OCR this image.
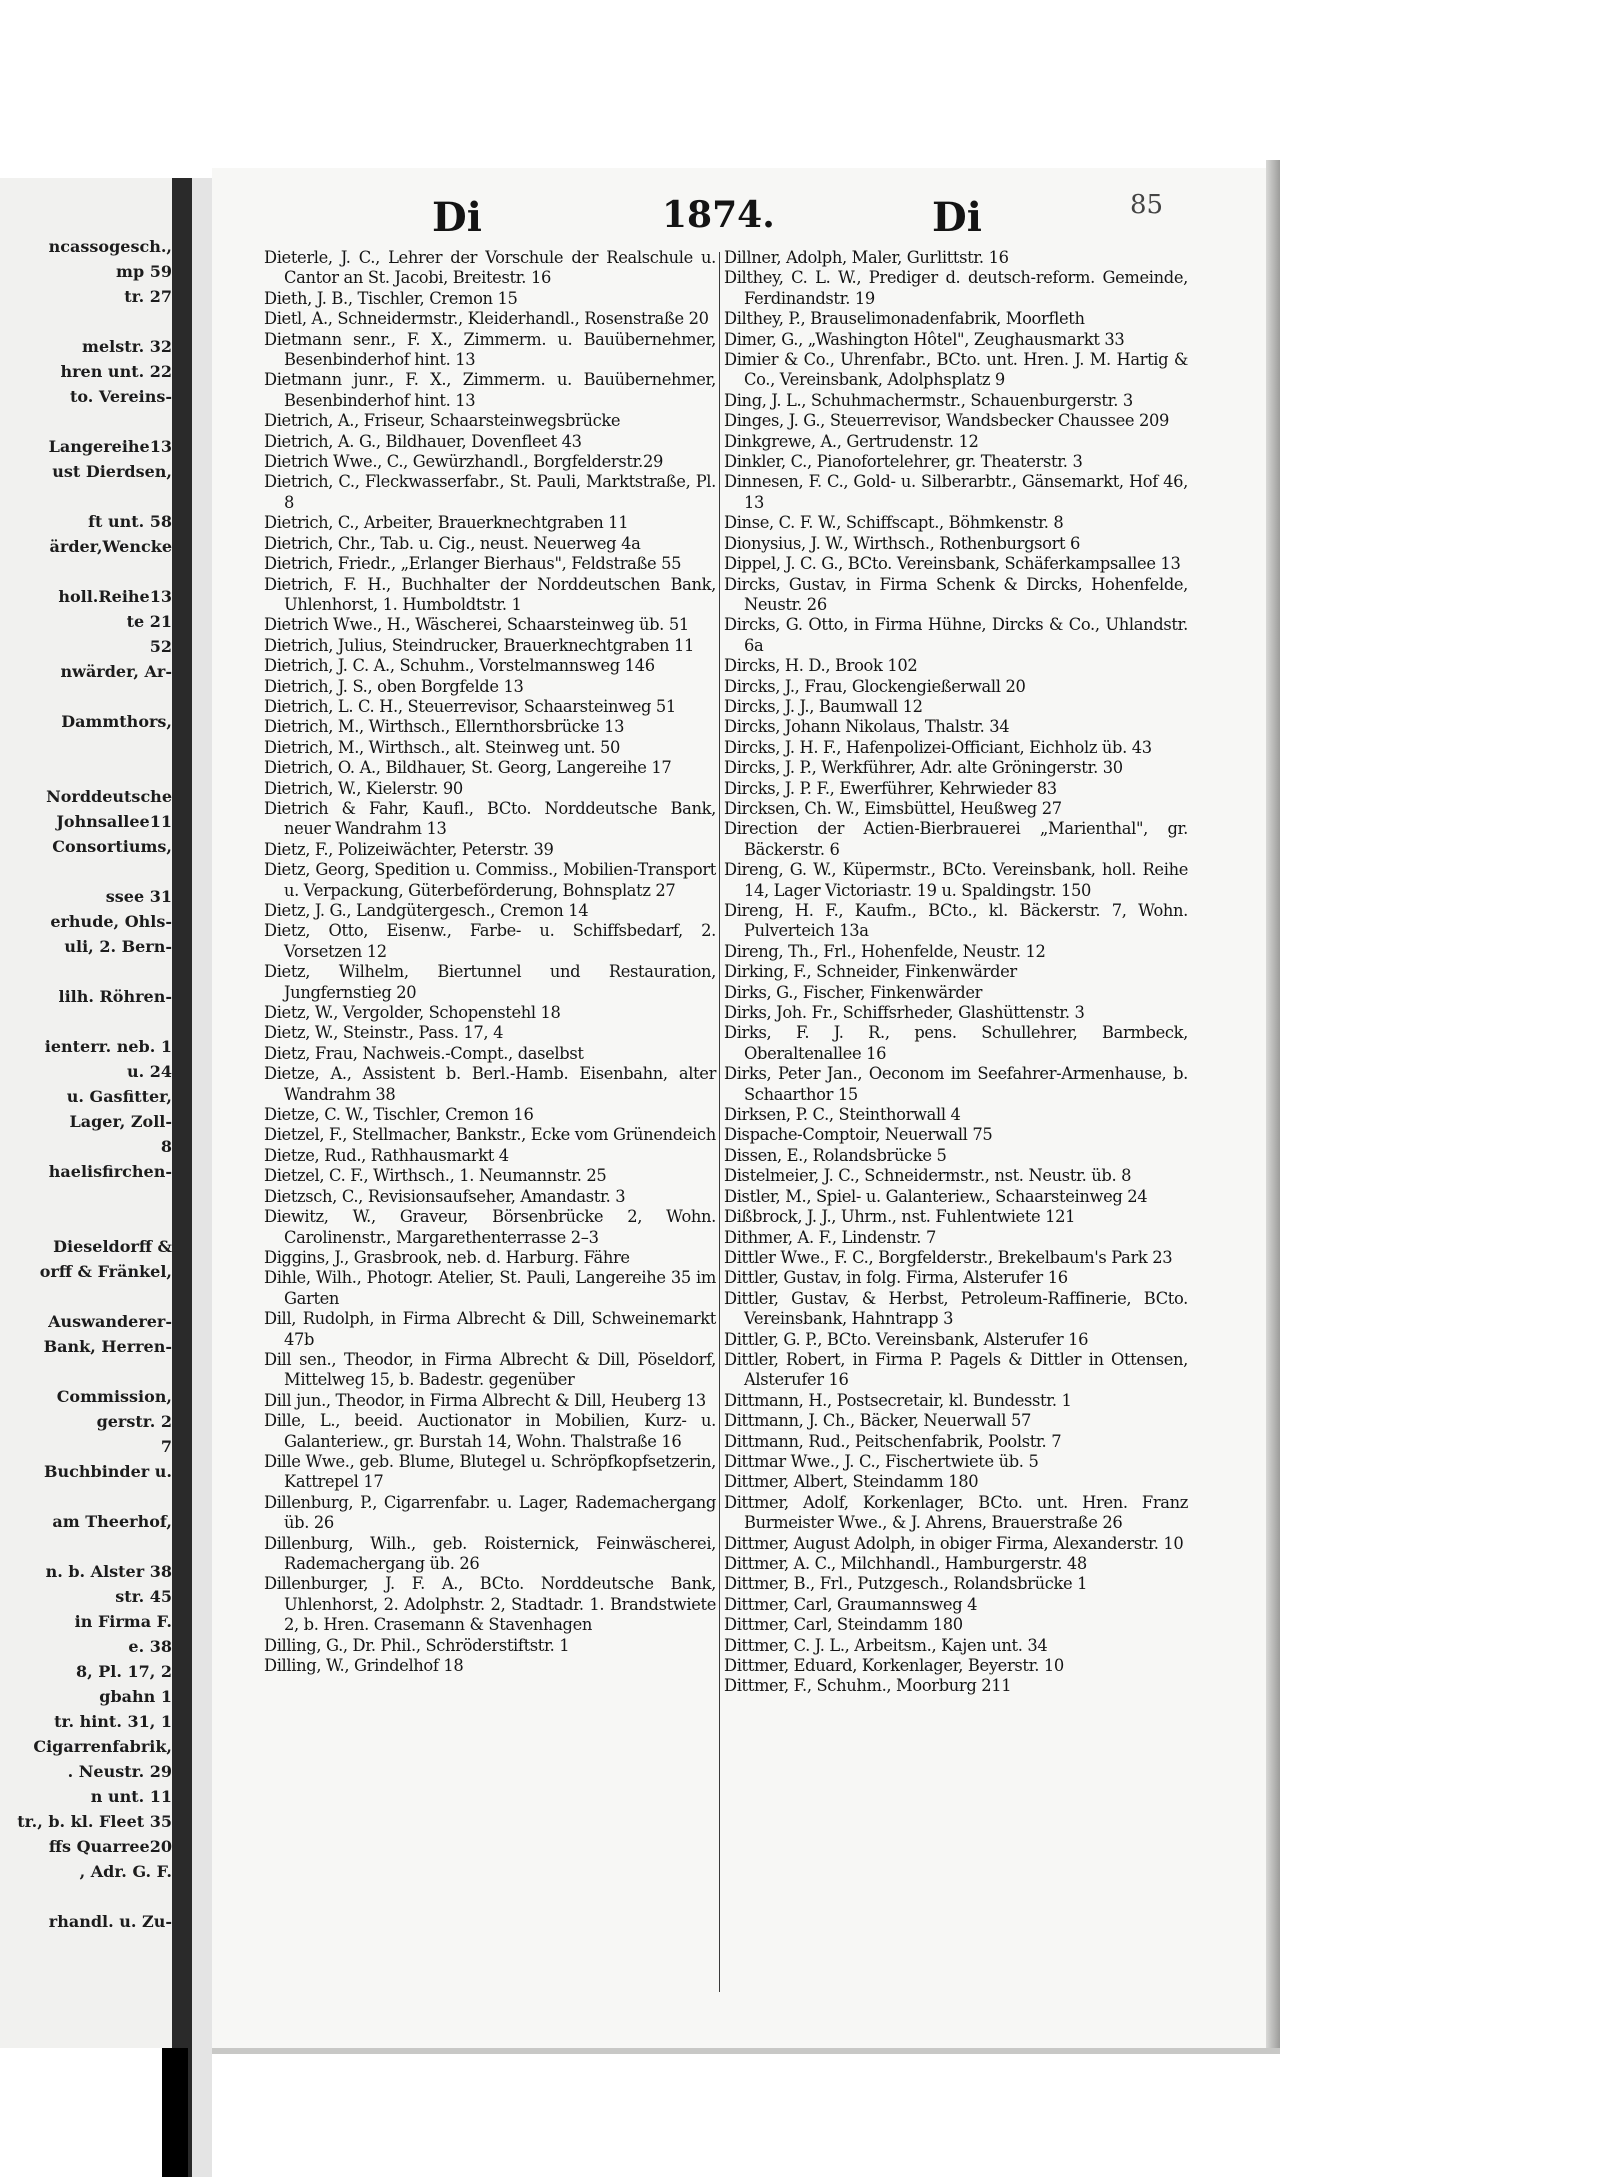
ncassogesch.,
mp 59
tr. 27
melstr. 32
hren unt. 22
to. Vereins-
Langereihe13
ust Dierdsen,
ft unt. 58
ärder,Wencke
holl.Reihe13
te 21
52
nwärder, Ar-
Dammthors,
Norddeutsche
Johnsallee11
Consortiums,
ssee 31
erhude, Ohls-
uli, 2. Bern-
lilh. Röhren-
ienterr. neb. 1
u. 24
u. Gasfitter,
Lager, Zoll-
8
haelisfirchen-
Dieseldorff &
orff & Fränkel,
Auswanderer-
Bank, Herren-
Commission,
gerstr. 2
7
Buchbinder u.
am Theerhof,
n. b. Alster 38
str. 45
in Firma F.
e. 38
8, Pl. 17, 2
gbahn 1
tr. hint. 31, 1
Cigarrenfabrik,
. Neustr. 29
n unt. 11
tr., b. kl. Fleet 35
ffs Quarree20
, Adr. G. F.
rhandl. u. Zu-
Di	1874.	Di	85
Dieterle, J. C., Lehrer der Vorschule der Realschule u. Cantor an St. Jacobi, Breitestr. 16
Dieth, J. B., Tischler, Cremon 15
Dietl, A., Schneidermstr., Kleiderhandl., Rosenstraße 20
Dietmann senr., F. X., Zimmerm. u. Bauübernehmer, Besenbinderhof hint. 13
Dietmann junr., F. X., Zimmerm. u. Bauübernehmer, Besenbinderhof hint. 13
Dietrich, A., Friseur, Schaarsteinwegsbrücke
Dietrich, A. G., Bildhauer, Dovenfleet 43
Dietrich Wwe., C., Gewürzhandl., Borgfelderstr.29
Dietrich, C., Fleckwasserfabr., St. Pauli, Marktstraße, Pl. 8
Dietrich, C., Arbeiter, Brauerknechtgraben 11
Dietrich, Chr., Tab. u. Cig., neust. Neuerweg 4a
Dietrich, Friedr., „Erlanger Bierhaus", Feldstraße 55
Dietrich, F. H., Buchhalter der Norddeutschen Bank, Uhlenhorst, 1. Humboldtstr. 1
Dietrich Wwe., H., Wäscherei, Schaarsteinweg üb. 51
Dietrich, Julius, Steindrucker, Brauerknechtgraben 11
Dietrich, J. C. A., Schuhm., Vorstelmannsweg 146
Dietrich, J. S., oben Borgfelde 13
Dietrich, L. C. H., Steuerrevisor, Schaarsteinweg 51
Dietrich, M., Wirthsch., Ellernthorsbrücke 13
Dietrich, M., Wirthsch., alt. Steinweg unt. 50
Dietrich, O. A., Bildhauer, St. Georg, Langereihe 17
Dietrich, W., Kielerstr. 90
Dietrich & Fahr, Kaufl., BCto. Norddeutsche Bank, neuer Wandrahm 13
Dietz, F., Polizeiwächter, Peterstr. 39
Dietz, Georg, Spedition u. Commiss., Mobilien-Transport u. Verpackung, Güterbeförderung, Bohnsplatz 27
Dietz, J. G., Landgütergesch., Cremon 14
Dietz, Otto, Eisenw., Farbe- u. Schiffsbedarf, 2. Vorsetzen 12
Dietz, Wilhelm, Biertunnel und Restauration, Jungfernstieg 20
Dietz, W., Vergolder, Schopenstehl 18
Dietz, W., Steinstr., Pass. 17, 4
Dietz, Frau, Nachweis.-Compt., daselbst
Dietze, A., Assistent b. Berl.-Hamb. Eisenbahn, alter Wandrahm 38
Dietze, C. W., Tischler, Cremon 16
Dietzel, F., Stellmacher, Bankstr., Ecke vom Grünendeich
Dietze, Rud., Rathhausmarkt 4
Dietzel, C. F., Wirthsch., 1. Neumannstr. 25
Dietzsch, C., Revisionsaufseher, Amandastr. 3
Diewitz, W., Graveur, Börsenbrücke 2, Wohn. Carolinenstr., Margarethenterrasse 2–3
Diggins, J., Grasbrook, neb. d. Harburg. Fähre
Dihle, Wilh., Photogr. Atelier, St. Pauli, Langereihe 35 im Garten
Dill, Rudolph, in Firma Albrecht & Dill, Schweinemarkt 47b
Dill sen., Theodor, in Firma Albrecht & Dill, Pöseldorf, Mittelweg 15, b. Badestr. gegenüber
Dill jun., Theodor, in Firma Albrecht & Dill, Heuberg 13
Dille, L., beeid. Auctionator in Mobilien, Kurz- u. Galanteriew., gr. Burstah 14, Wohn. Thalstraße 16
Dille Wwe., geb. Blume, Blutegel u. Schröpfkopfsetzerin, Kattrepel 17
Dillenburg, P., Cigarrenfabr. u. Lager, Rademachergang üb. 26
Dillenburg, Wilh., geb. Roisternick, Feinwäscherei, Rademachergang üb. 26
Dillenburger, J. F. A., BCto. Norddeutsche Bank, Uhlenhorst, 2. Adolphstr. 2, Stadtadr. 1. Brandstwiete 2, b. Hren. Crasemann & Stavenhagen
Dilling, G., Dr. Phil., Schröderstiftstr. 1
Dilling, W., Grindelhof 18
Dillner, Adolph, Maler, Gurlittstr. 16
Dilthey, C. L. W., Prediger d. deutsch-reform. Gemeinde, Ferdinandstr. 19
Dilthey, P., Brauselimonadenfabrik, Moorfleth
Dimer, G., „Washington Hôtel", Zeughausmarkt 33
Dimier & Co., Uhrenfabr., BCto. unt. Hren. J. M. Hartig & Co., Vereinsbank, Adolphsplatz 9
Ding, J. L., Schuhmachermstr., Schauenburgerstr. 3
Dinges, J. G., Steuerrevisor, Wandsbecker Chaussee 209
Dinkgrewe, A., Gertrudenstr. 12
Dinkler, C., Pianofortelehrer, gr. Theaterstr. 3
Dinnesen, F. C., Gold- u. Silberarbtr., Gänsemarkt, Hof 46, 13
Dinse, C. F. W., Schiffscapt., Böhmkenstr. 8
Dionysius, J. W., Wirthsch., Rothenburgsort 6
Dippel, J. C. G., BCto. Vereinsbank, Schäferkampsallee 13
Dircks, Gustav, in Firma Schenk & Dircks, Hohenfelde, Neustr. 26
Dircks, G. Otto, in Firma Hühne, Dircks & Co., Uhlandstr. 6a
Dircks, H. D., Brook 102
Dircks, J., Frau, Glockengießerwall 20
Dircks, J. J., Baumwall 12
Dircks, Johann Nikolaus, Thalstr. 34
Dircks, J. H. F., Hafenpolizei-Officiant, Eichholz üb. 43
Dircks, J. P., Werkführer, Adr. alte Gröningerstr. 30
Dircks, J. P. F., Ewerführer, Kehrwieder 83
Dircksen, Ch. W., Eimsbüttel, Heußweg 27
Direction der Actien-Bierbrauerei „Marienthal", gr. Bäckerstr. 6
Direng, G. W., Küpermstr., BCto. Vereinsbank, holl. Reihe 14, Lager Victoriastr. 19 u. Spaldingstr. 150
Direng, H. F., Kaufm., BCto., kl. Bäckerstr. 7, Wohn. Pulverteich 13a
Direng, Th., Frl., Hohenfelde, Neustr. 12
Dirking, F., Schneider, Finkenwärder
Dirks, G., Fischer, Finkenwärder
Dirks, Joh. Fr., Schiffsrheder, Glashüttenstr. 3
Dirks, F. J. R., pens. Schullehrer, Barmbeck, Oberaltenallee 16
Dirks, Peter Jan., Oeconom im Seefahrer-Armenhause, b. Schaarthor 15
Dirksen, P. C., Steinthorwall 4
Dispache-Comptoir, Neuerwall 75
Dissen, E., Rolandsbrücke 5
Distelmeier, J. C., Schneidermstr., nst. Neustr. üb. 8
Distler, M., Spiel- u. Galanteriew., Schaarsteinweg 24
Dißbrock, J. J., Uhrm., nst. Fuhlentwiete 121
Dithmer, A. F., Lindenstr. 7
Dittler Wwe., F. C., Borgfelderstr., Brekelbaum's Park 23
Dittler, Gustav, in folg. Firma, Alsterufer 16
Dittler, Gustav, & Herbst, Petroleum-Raffinerie, BCto. Vereinsbank, Hahntrapp 3
Dittler, G. P., BCto. Vereinsbank, Alsterufer 16
Dittler, Robert, in Firma P. Pagels & Dittler in Ottensen, Alsterufer 16
Dittmann, H., Postsecretair, kl. Bundesstr. 1
Dittmann, J. Ch., Bäcker, Neuerwall 57
Dittmann, Rud., Peitschenfabrik, Poolstr. 7
Dittmar Wwe., J. C., Fischertwiete üb. 5
Dittmer, Albert, Steindamm 180
Dittmer, Adolf, Korkenlager, BCto. unt. Hren. Franz Burmeister Wwe., & J. Ahrens, Brauerstraße 26
Dittmer, August Adolph, in obiger Firma, Alexanderstr. 10
Dittmer, A. C., Milchhandl., Hamburgerstr. 48
Dittmer, B., Frl., Putzgesch., Rolandsbrücke 1
Dittmer, Carl, Graumannsweg 4
Dittmer, Carl, Steindamm 180
Dittmer, C. J. L., Arbeitsm., Kajen unt. 34
Dittmer, Eduard, Korkenlager, Beyerstr. 10
Dittmer, F., Schuhm., Moorburg 211
